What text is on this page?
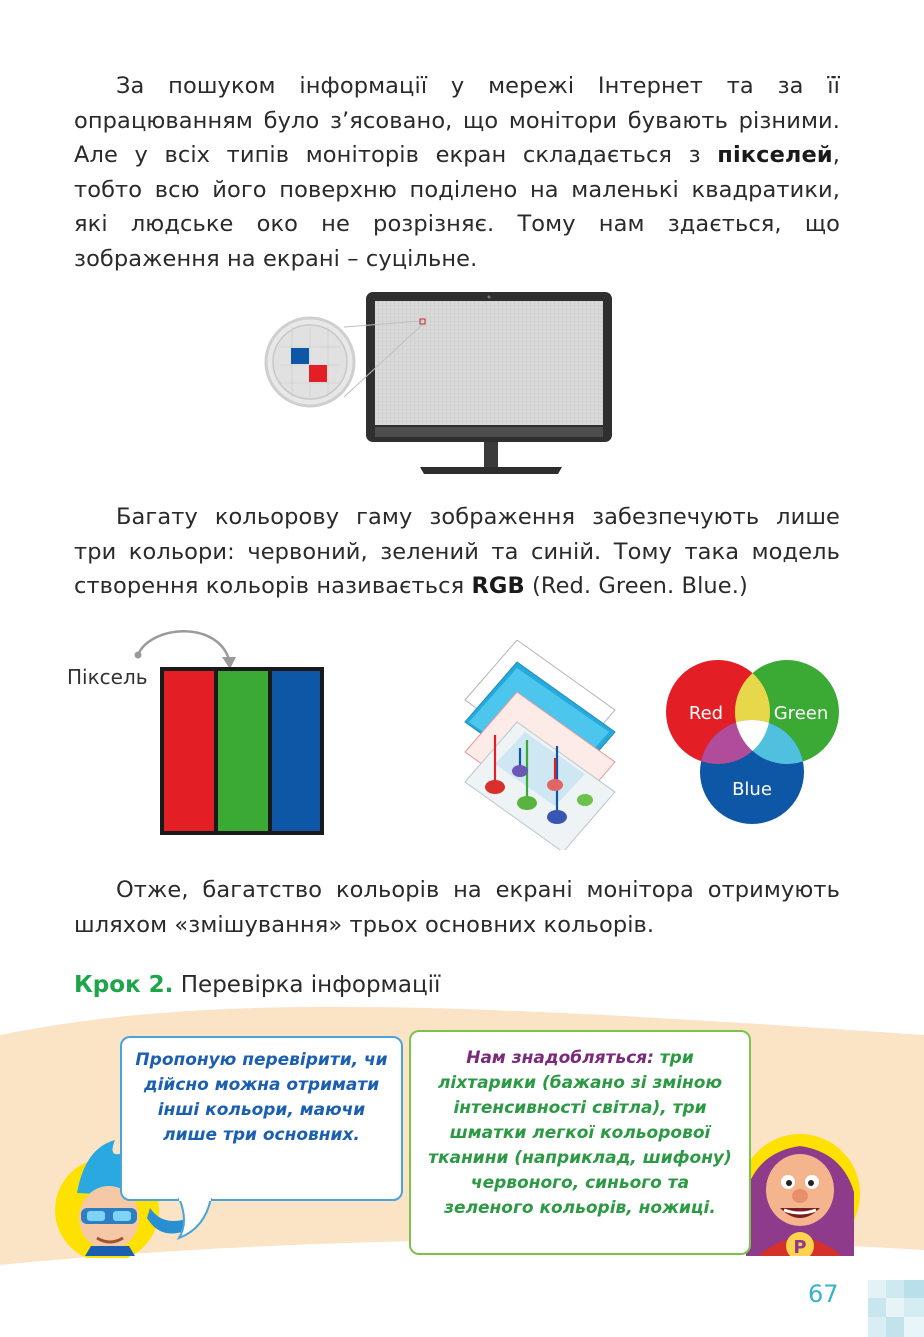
За пошуком інформації у мережі Інтернет та за її опрацюванням було з’ясовано, що монітори бувають різними. Але у всіх типів моніторів екран складається з пікселей, тобто всю його поверхню поділено на маленькі квадратики, які людське око не розрізняє. Тому нам здається, що зображення на екрані – суцільне.
Багату кольорову гаму зображення забезпечують лише три кольори: червоний, зелений та синій. Тому така модель створення кольорів називається RGB (Red. Green. Blue.)
Піксель
Red	Green
Blue
Отже, багатство кольорів на екрані монітора отримують шляхом «змішування» трьох основних кольорів.
Крок 2. Перевірка інформації
P
Пропоную перевірити, чи дійсно можна отримати інші кольори, маючи лише три основних.
Нам знадобляться: три ліхтарики (бажано зі зміною інтенсивності світла), три шматки легкої кольорової тканини (наприклад, шифону) червоного, синього та зеленого кольорів, ножиці.
67
